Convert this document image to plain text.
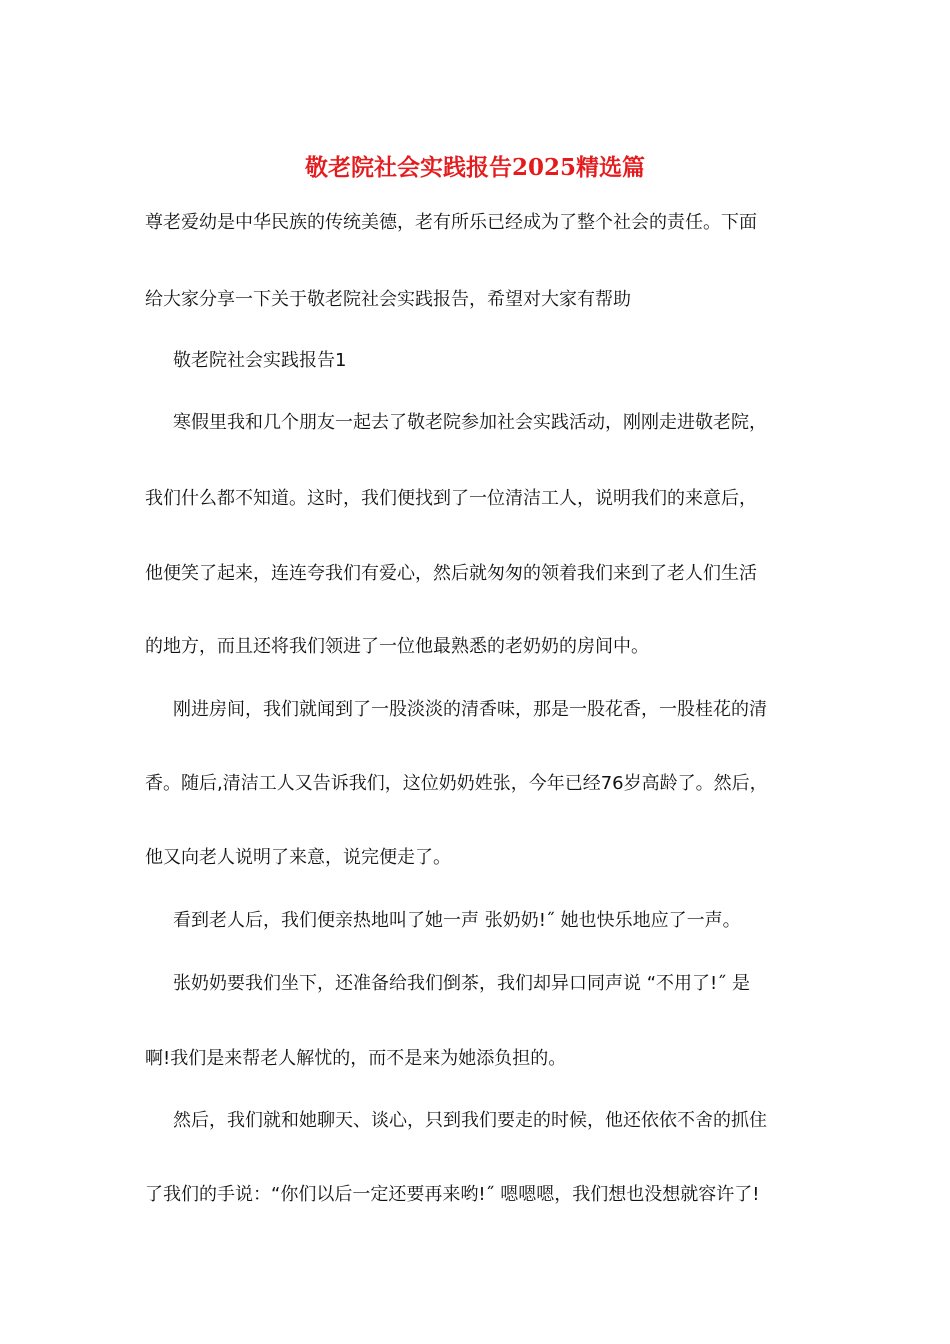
敬老院社会实践报告2025精选篇

尊老爱幼是中华民族的传统美德，老有所乐已经成为了整个社会的责任。下面

给大家分享一下关于敬老院社会实践报告，希望对大家有帮助

敬老院社会实践报告1

寒假里我和几个朋友一起去了敬老院参加社会实践活动，刚刚走进敬老院，

我们什么都不知道。这时，我们便找到了一位清洁工人，说明我们的来意后，

他便笑了起来，连连夸我们有爱心，然后就匆匆的领着我们来到了老人们生活

的地方，而且还将我们领进了一位他最熟悉的老奶奶的房间中。

刚进房间，我们就闻到了一股淡淡的清香味，那是一股花香，一股桂花的清

香。随后,清洁工人又告诉我们，这位奶奶姓张，今年已经76岁高龄了。然后，

他又向老人说明了来意，说完便走了。

看到老人后，我们便亲热地叫了她一声 张奶奶!˝ 她也快乐地应了一声。

张奶奶要我们坐下，还准备给我们倒茶，我们却异口同声说 “不用了!˝ 是

啊!我们是来帮老人解忧的，而不是来为她添负担的。

然后，我们就和她聊天、谈心，只到我们要走的时候，他还依依不舍的抓住

了我们的手说：“你们以后一定还要再来哟!˝ 嗯嗯嗯，我们想也没想就容许了!
